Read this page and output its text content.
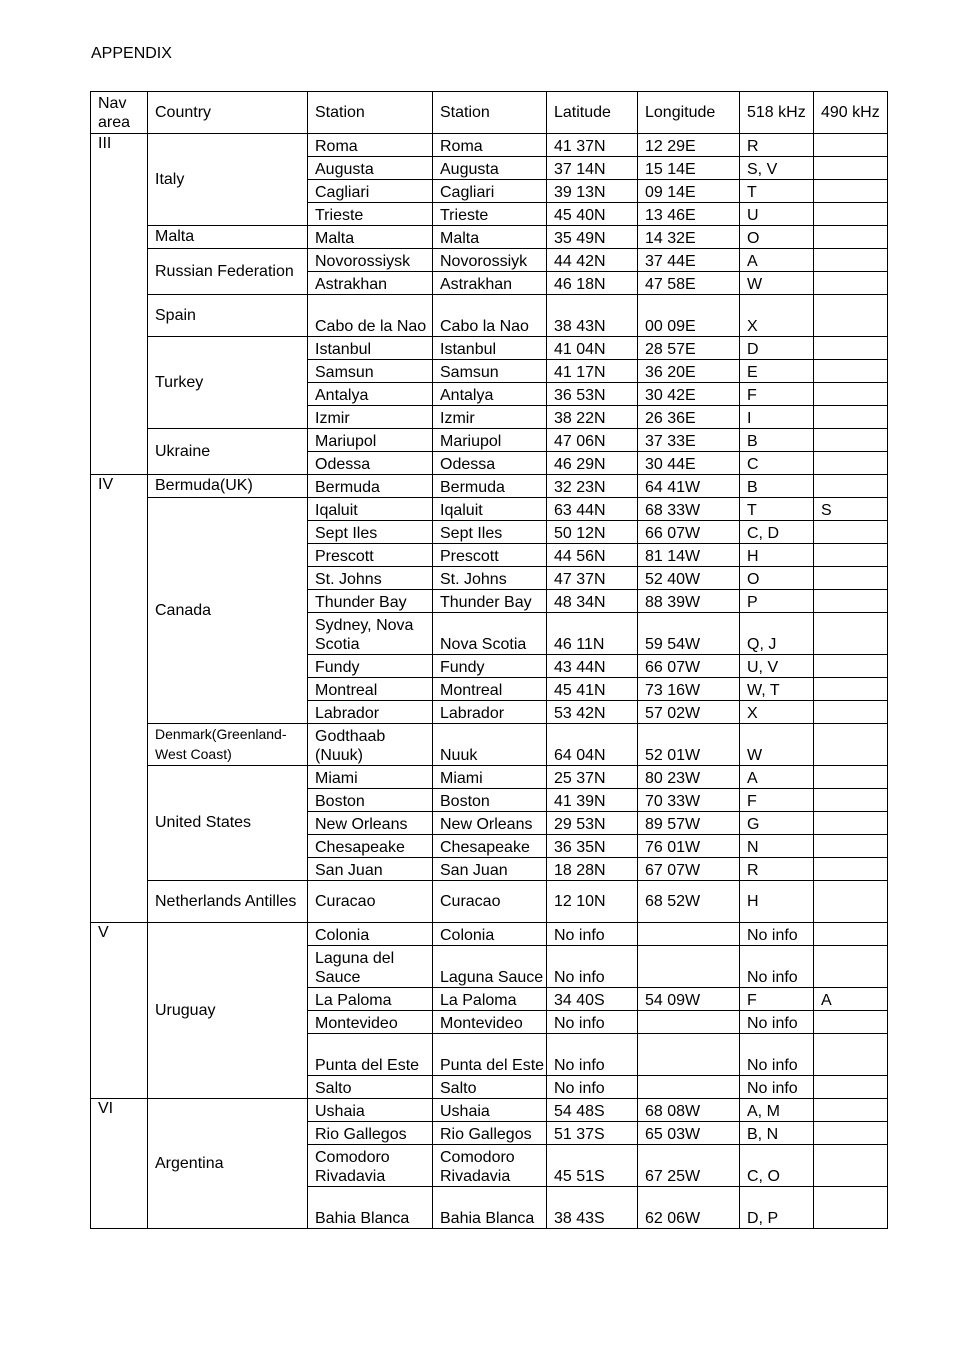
APPENDIX
Nav area	Country	Station	Station	Latitude	Longitude	518 kHz	490 kHz
III	Italy	Roma	Roma	41 37N	12 29E	R	
		Augusta	Augusta	37 14N	15 14E	S, V	
		Cagliari	Cagliari	39 13N	09 14E	T	
		Trieste	Trieste	45 40N	13 46E	U	
	Malta	Malta	Malta	35 49N	14 32E	O	
	Russian Federation	Novorossiysk	Novorossiyk	44 42N	37 44E	A	
		Astrakhan	Astrakhan	46 18N	47 58E	W	
	Spain	Cabo de la Nao	Cabo la Nao	38 43N	00 09E	X	
	Turkey	Istanbul	Istanbul	41 04N	28 57E	D	
		Samsun	Samsun	41 17N	36 20E	E	
		Antalya	Antalya	36 53N	30 42E	F	
		Izmir	Izmir	38 22N	26 36E	I	
	Ukraine	Mariupol	Mariupol	47 06N	37 33E	B	
		Odessa	Odessa	46 29N	30 44E	C	
IV	Bermuda(UK)	Bermuda	Bermuda	32 23N	64 41W	B	
	Canada	Iqaluit	Iqaluit	63 44N	68 33W	T	S
		Sept Iles	Sept Iles	50 12N	66 07W	C, D	
		Prescott	Prescott	44 56N	81 14W	H	
		St. Johns	St. Johns	47 37N	52 40W	O	
		Thunder Bay	Thunder Bay	48 34N	88 39W	P	
		Sydney, Nova Scotia	Nova Scotia	46 11N	59 54W	Q, J	
		Fundy	Fundy	43 44N	66 07W	U, V	
		Montreal	Montreal	45 41N	73 16W	W, T	
		Labrador	Labrador	53 42N	57 02W	X	
	Denmark(Greenland-West Coast)	Godthaab (Nuuk)	Nuuk	64 04N	52 01W	W	
	United States	Miami	Miami	25 37N	80 23W	A	
		Boston	Boston	41 39N	70 33W	F	
		New Orleans	New Orleans	29 53N	89 57W	G	
		Chesapeake	Chesapeake	36 35N	76 01W	N	
		San Juan	San Juan	18 28N	67 07W	R	
	Netherlands Antilles	Curacao	Curacao	12 10N	68 52W	H	
V	Uruguay	Colonia	Colonia	No info		No info	
		Laguna del Sauce	Laguna Sauce	No info		No info	
		La Paloma	La Paloma	34 40S	54 09W	F	A
		Montevideo	Montevideo	No info		No info	
		Punta del Este	Punta del Este	No info		No info	
		Salto	Salto	No info		No info	
VI	Argentina	Ushaia	Ushaia	54 48S	68 08W	A, M	
		Rio Gallegos	Rio Gallegos	51 37S	65 03W	B, N	
		Comodoro Rivadavia	Comodoro Rivadavia	45 51S	67 25W	C, O	
		Bahia Blanca	Bahia Blanca	38 43S	62 06W	D, P	
